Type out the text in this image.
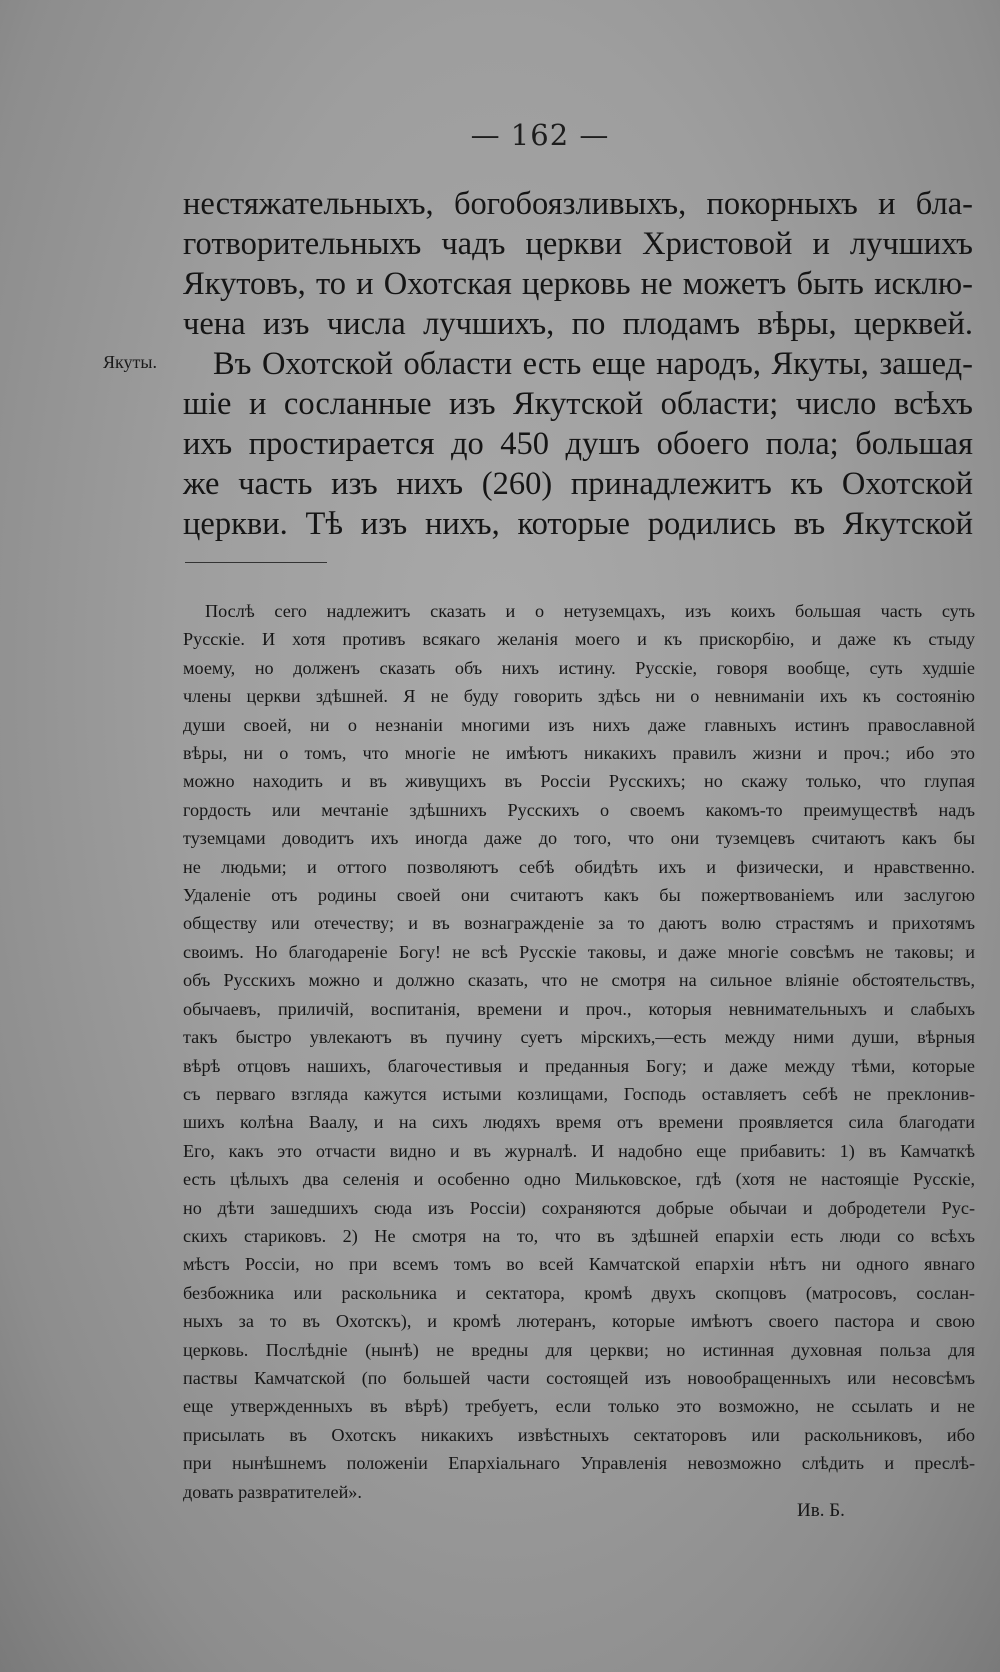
— 162 —
Якуты.
нестяжательныхъ, богобоязливыхъ, покорныхъ и бла-
готворительныхъ чадъ церкви Христовой и лучшихъ
Якутовъ, то и Охотская церковь не можетъ быть исклю-
чена изъ числа лучшихъ, по плодамъ вѣры, церквей.
Въ Охотской области есть еще народъ, Якуты, зашед-
шіе и сосланные изъ Якутской области; число всѣхъ
ихъ простирается до 450 душъ обоего пола; большая
же часть изъ нихъ (260) принадлежитъ къ Охотской
церкви. Тѣ изъ нихъ, которые родились въ Якутской
Послѣ сего надлежитъ сказать и о нетуземцахъ, изъ коихъ большая часть суть
Русскіе. И хотя противъ всякаго желанія моего и къ прискорбію, и даже къ стыду
моему, но долженъ сказать объ нихъ истину. Русскіе, говоря вообще, суть худшіе
члены церкви здѣшней. Я не буду говорить здѣсь ни о невниманіи ихъ къ состоянію
души своей, ни о незнаніи многими изъ нихъ даже главныхъ истинъ православной
вѣры, ни о томъ, что многіе не имѣютъ никакихъ правилъ жизни и проч.; ибо это
можно находить и въ живущихъ въ Россіи Русскихъ; но скажу только, что глупая
гордость или мечтаніе здѣшнихъ Русскихъ о своемъ какомъ-то преимуществѣ надъ
туземцами доводитъ ихъ иногда даже до того, что они туземцевъ считаютъ какъ бы
не людьми; и оттого позволяютъ себѣ обидѣть ихъ и физически, и нравственно.
Удаленіе отъ родины своей они считаютъ какъ бы пожертвованіемъ или заслугою
обществу или отечеству; и въ вознагражденіе за то даютъ волю страстямъ и прихотямъ
своимъ. Но благодареніе Богу! не всѣ Русскіе таковы, и даже многіе совсѣмъ не таковы; и
объ Русскихъ можно и должно сказать, что не смотря на сильное вліяніе обстоятельствъ,
обычаевъ, приличій, воспитанія, времени и проч., которыя невнимательныхъ и слабыхъ
такъ быстро увлекаютъ въ пучину суетъ мірскихъ,—есть между ними души, вѣрныя
вѣрѣ отцовъ нашихъ, благочестивыя и преданныя Богу; и даже между тѣми, которые
съ перваго взгляда кажутся истыми козлищами, Господь оставляетъ себѣ не преклонив-
шихъ колѣна Ваалу, и на сихъ людяхъ время отъ времени проявляется сила благодати
Его, какъ это отчасти видно и въ журналѣ. И надобно еще прибавить: 1) въ Камчаткѣ
есть цѣлыхъ два селенія и особенно одно Мильковское, гдѣ (хотя не настоящіе Русскіе,
но дѣти зашедшихъ сюда изъ Россіи) сохраняются добрые обычаи и добродетели Рус-
скихъ стариковъ. 2) Не смотря на то, что въ здѣшней епархіи есть люди со всѣхъ
мѣстъ Россіи, но при всемъ томъ во всей Камчатской епархіи нѣтъ ни одного явнаго
безбожника или раскольника и сектатора, кромѣ двухъ скопцовъ (матросовъ, сослан-
ныхъ за то въ Охотскъ), и кромѣ лютеранъ, которые имѣютъ своего пастора и свою
церковь. Послѣдніе (нынѣ) не вредны для церкви; но истинная духовная польза для
паствы Камчатской (по большей части состоящей изъ новообращенныхъ или несовсѣмъ
еще утвержденныхъ въ вѣрѣ) требуетъ, если только это возможно, не ссылать и не
присылать въ Охотскъ никакихъ извѣстныхъ сектаторовъ или раскольниковъ, ибо
при нынѣшнемъ положеніи Епархіальнаго Управленія невозможно слѣдить и преслѣ-
довать развратителей».
Ив. Б.
